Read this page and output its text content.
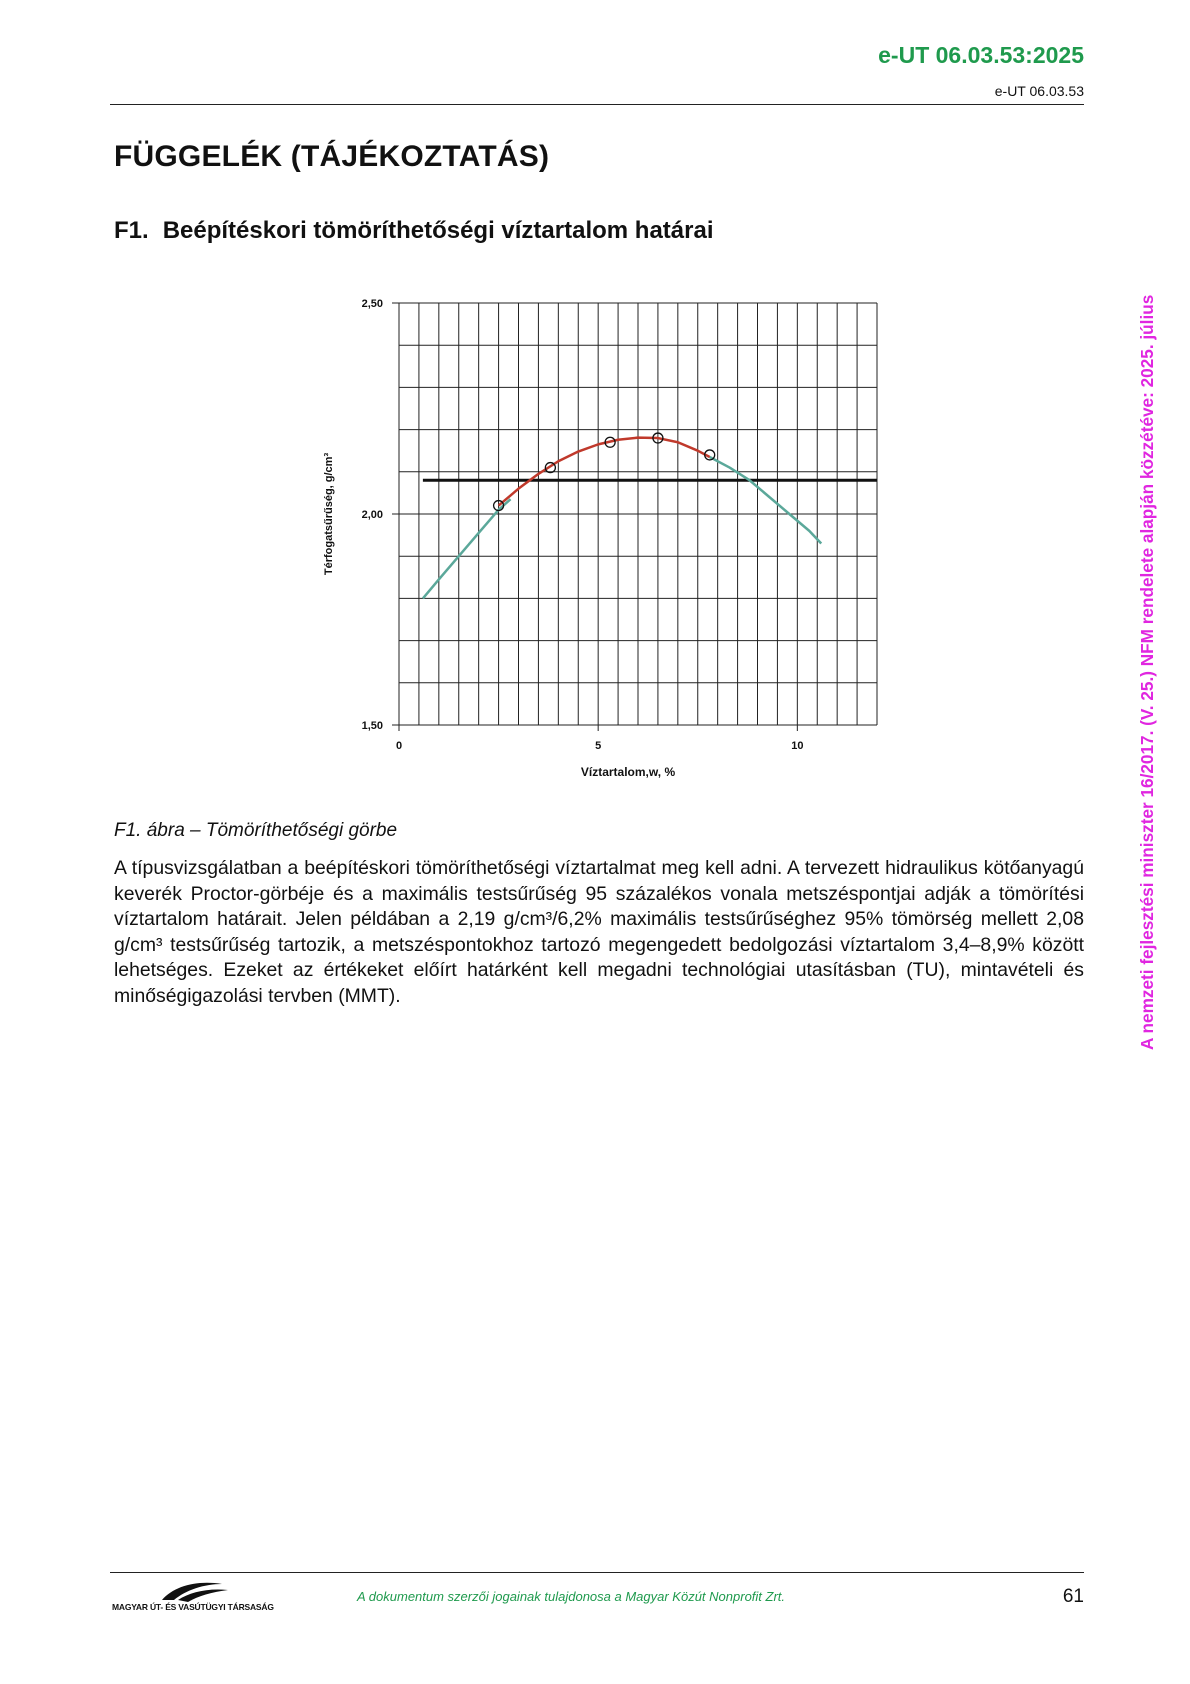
e-UT 06.03.53:2025
e-UT 06.03.53
FÜGGELÉK (TÁJÉKOZTATÁS)
F1. Beépítéskori tömöríthetőségi víztartalom határai
1,50
2,00
2,50
0	5	10
Víztartalom,w, %
Térfogatsűrűség, g/cm³
F1. ábra – Tömöríthetőségi görbe
A típusvizsgálatban a beépítéskori tömöríthetőségi víztartalmat meg kell adni. A tervezett hidraulikus kötőanyagú keverék Proctor-görbéje és a maximális testsűrűség 95 százalékos vonala metszéspontjai adják a tömörítési víztartalom határait. Jelen példában a 2,19 g/cm³/6,2% maximális testsűrűséghez 95% tömörség mellett 2,08 g/cm³ testsűrűség tartozik, a metszéspontokhoz tartozó megengedett bedolgozási víztartalom 3,4–8,9% között lehetséges. Ezeket az értékeket előírt határként kell megadni technológiai utasításban (TU), mintavételi és minőségigazolási tervben (MMT).	A nemzeti fejlesztési miniszter 16/2017. (V. 25.) NFM rendelete alapján közzétéve: 2025. július
MAGYAR ÚT- ÉS VASÚTÜGYI TÁRSASÁG
A dokumentum szerzői jogainak tulajdonosa a Magyar Közút Nonprofit Zrt.	61
